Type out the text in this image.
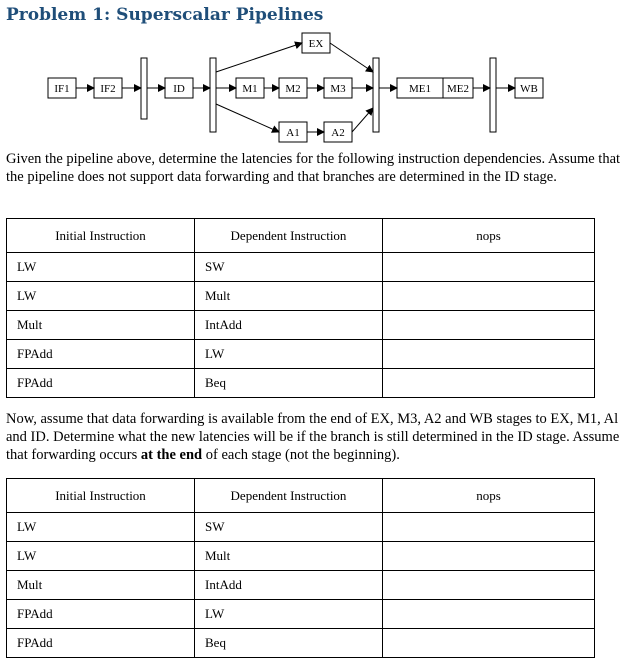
Problem 1: Superscalar Pipelines
IF1	IF2	ID	M1	M2	M3
EX
A1	A2
ME1 ME2	WB
Given the pipeline above, determine the latencies for the following instruction dependencies. Assume that the pipeline does not support data forwarding and that branches are determined in the ID stage.
Initial Instruction	Dependent Instruction	nops
LW	SW	
LW	Mult	
Mult	IntAdd	
FPAdd	LW	
FPAdd	Beq	
Now, assume that data forwarding is available from the end of EX, M3, A2 and WB stages to EX, M1, Al and ID. Determine what the new latencies will be if the branch is still determined in the ID stage. Assume that forwarding occurs at the end of each stage (not the beginning).
Initial Instruction	Dependent Instruction	nops
LW	SW	
LW	Mult	
Mult	IntAdd	
FPAdd	LW	
FPAdd	Beq	
